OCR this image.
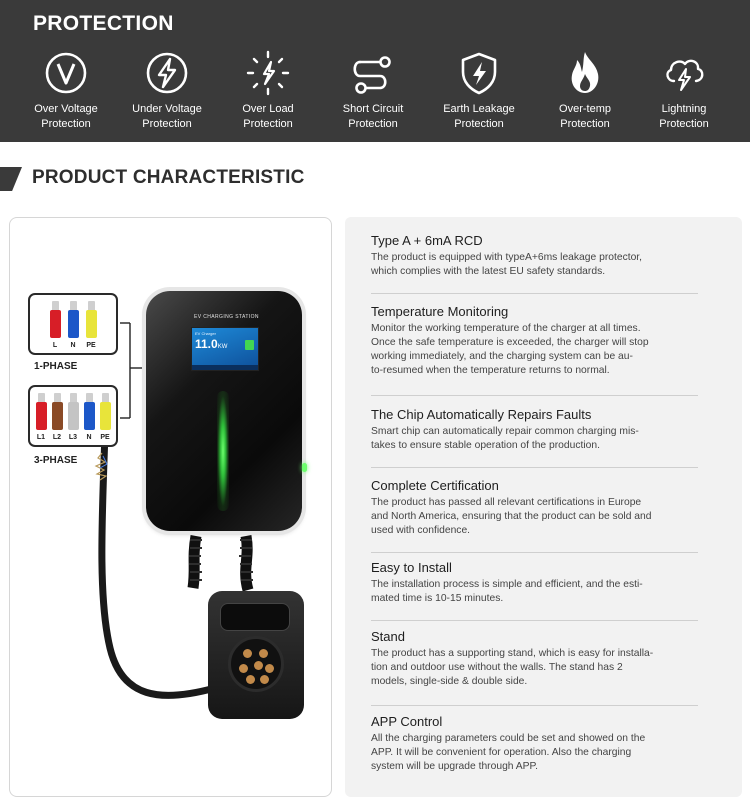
PROTECTION
Over Voltage
Protection
Under Voltage
Protection
Over Load
Protection
Short Circuit
Protection
Earth Leakage
Protection
Over-temp
Protection
Lightning
Protection
PRODUCT CHARACTERISTIC
L	N	PE
1-PHASE
L1	L2	L3	N	PE
3-PHASE
EV CHARGING STATION
EV Charger
11.0KW
Type A + 6mA RCD
The product is equipped with typeA+6ms leakage protector,
which complies with the latest EU safety standards.
Temperature Monitoring
Monitor the working temperature of the charger at all times.
Once the safe temperature is exceeded, the charger will stop
working immediately, and the charging system can be au-
to-resumed when the temperature returns to normal.
The Chip Automatically Repairs Faults
Smart chip can automatically repair common charging mis-
takes to ensure stable operation of the production.
Complete Certification
The product has passed all relevant certifications in Europe
and North America, ensuring that the product can be sold and
used with confidence.
Easy to Install
The installation process is simple and efficient, and the esti-
mated time is 10-15 minutes.
Stand
The product has a supporting stand, which is easy for installa-
tion and outdoor use without the walls. The stand has 2
models, single-side & double side.
APP Control
All the charging parameters could be set and showed on the
APP. It will be convenient for operation. Also the charging
system will be upgrade through APP.
